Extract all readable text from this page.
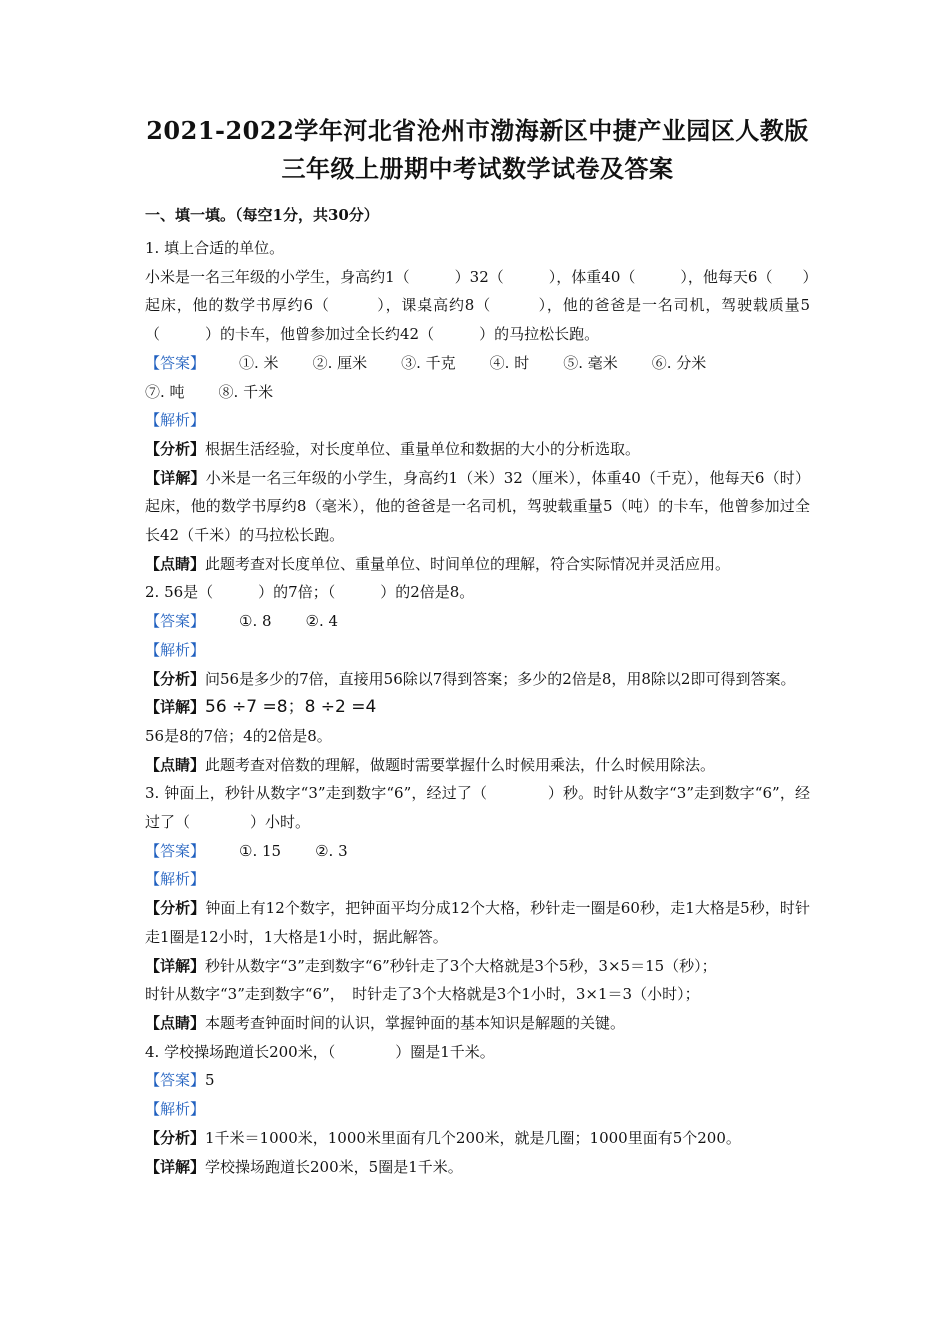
2021-2022学年河北省沧州市渤海新区中捷产业园区人教版
三年级上册期中考试数学试卷及答案
一、填一填。（每空1分，共30分）

1. 填上合适的单位。

小米是一名三年级的小学生，身高约1（　　　）32（　　　），体重40（　　　），他每天6（　　）起床，他的数学书厚约6（　　　），课桌高约8（　　　），他的爸爸是一名司机，驾驶载质量5（　　　）的卡车，他曾参加过全长约42（　　　）的马拉松长跑。

【答案】 ①. 米 ②. 厘米 ③. 千克 ④. 时 ⑤. 毫米 ⑥. 分米
⑦. 吨 ⑧. 千米

【解析】

【分析】根据生活经验，对长度单位、重量单位和数据的大小的分析选取。

【详解】小米是一名三年级的小学生，身高约1（米）32（厘米），体重40（千克），他每天6（时）起床，他的数学书厚约8（毫米），他的爸爸是一名司机，驾驶载重量5（吨）的卡车，他曾参加过全长42（千米）的马拉松长跑。

【点睛】此题考查对长度单位、重量单位、时间单位的理解，符合实际情况并灵活应用。

2. 56是（　　　）的7倍；（　　　）的2倍是8。

【答案】 ①. 8 ②. 4

【解析】

【分析】问56是多少的7倍，直接用56除以7得到答案；多少的2倍是8，用8除以2即可得到答案。

【详解】56 ÷7 =8；8 ÷2 =4

56是8的7倍；4的2倍是8。

【点睛】此题考查对倍数的理解，做题时需要掌握什么时候用乘法，什么时候用除法。

3. 钟面上，秒针从数字“3”走到数字“6”，经过了（　　　　）秒。时针从数字“3”走到数字“6”，经过了（　　　　）小时。

【答案】 ①. 15 ②. 3

【解析】

【分析】钟面上有12个数字，把钟面平均分成12个大格，秒针走一圈是60秒，走1大格是5秒，时针走1圈是12小时，1大格是1小时，据此解答。

【详解】秒针从数字“3”走到数字“6”秒针走了3个大格就是3个5秒，3×5＝15（秒）；

时针从数字“3”走到数字“6”，　时针走了3个大格就是3个1小时，3×1＝3（小时）；

【点睛】本题考查钟面时间的认识，掌握钟面的基本知识是解题的关键。

4. 学校操场跑道长200米，（　　　　）圈是1千米。

【答案】5

【解析】

【分析】1千米＝1000米，1000米里面有几个200米，就是几圈；1000里面有5个200。

【详解】学校操场跑道长200米，5圈是1千米。
